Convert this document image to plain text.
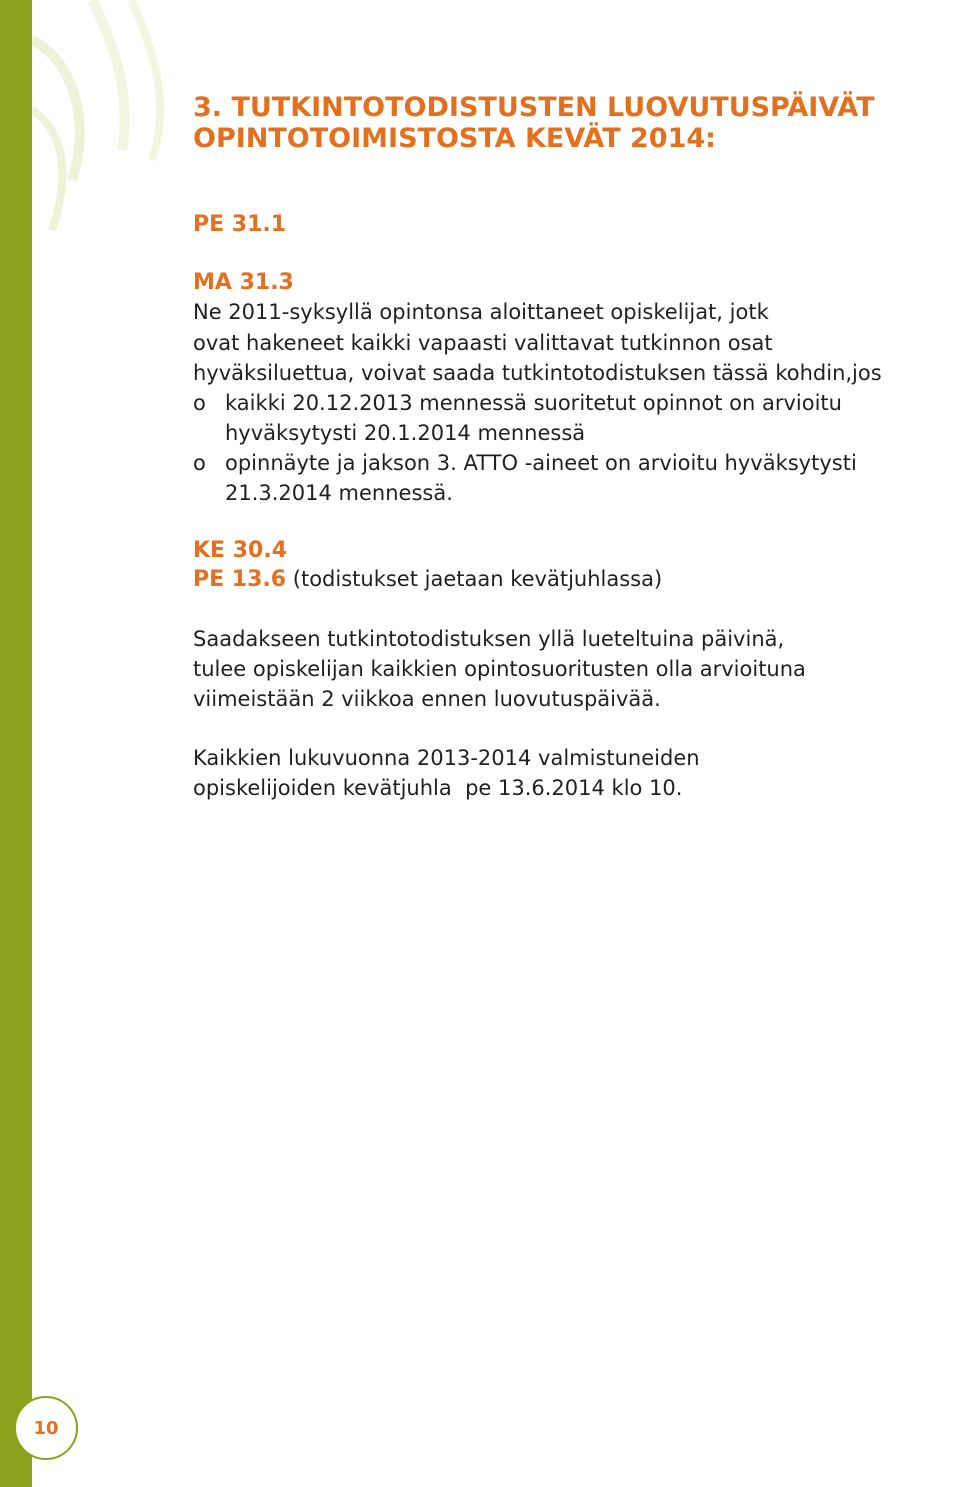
10
3. TUTKINTOTODISTUSTEN LUOVUTUSPÄIVÄT
OPINTOTOIMISTOSTA KEVÄT 2014:
PE 31.1
MA 31.3
Ne 2011-syksyllä opintonsa aloittaneet opiskelijat, jotk
ovat hakeneet kaikki vapaasti valittavat tutkinnon osat
hyväksiluettua, voivat saada tutkintotodistuksen tässä kohdin,jos
o kaikki 20.12.2013 mennessä suoritetut opinnot on arvioitu
hyväksytysti 20.1.2014 mennessä
o opinnäyte ja jakson 3. ATTO -aineet on arvioitu hyväksytysti
21.3.2014 mennessä.
KE 30.4
PE 13.6 (todistukset jaetaan kevätjuhlassa)
Saadakseen tutkintotodistuksen yllä lueteltuina päivinä,
tulee opiskelijan kaikkien opintosuoritusten olla arvioituna
viimeistään 2 viikkoa ennen luovutuspäivää.
Kaikkien lukuvuonna 2013-2014 valmistuneiden
opiskelijoiden kevätjuhla  pe 13.6.2014 klo 10.
